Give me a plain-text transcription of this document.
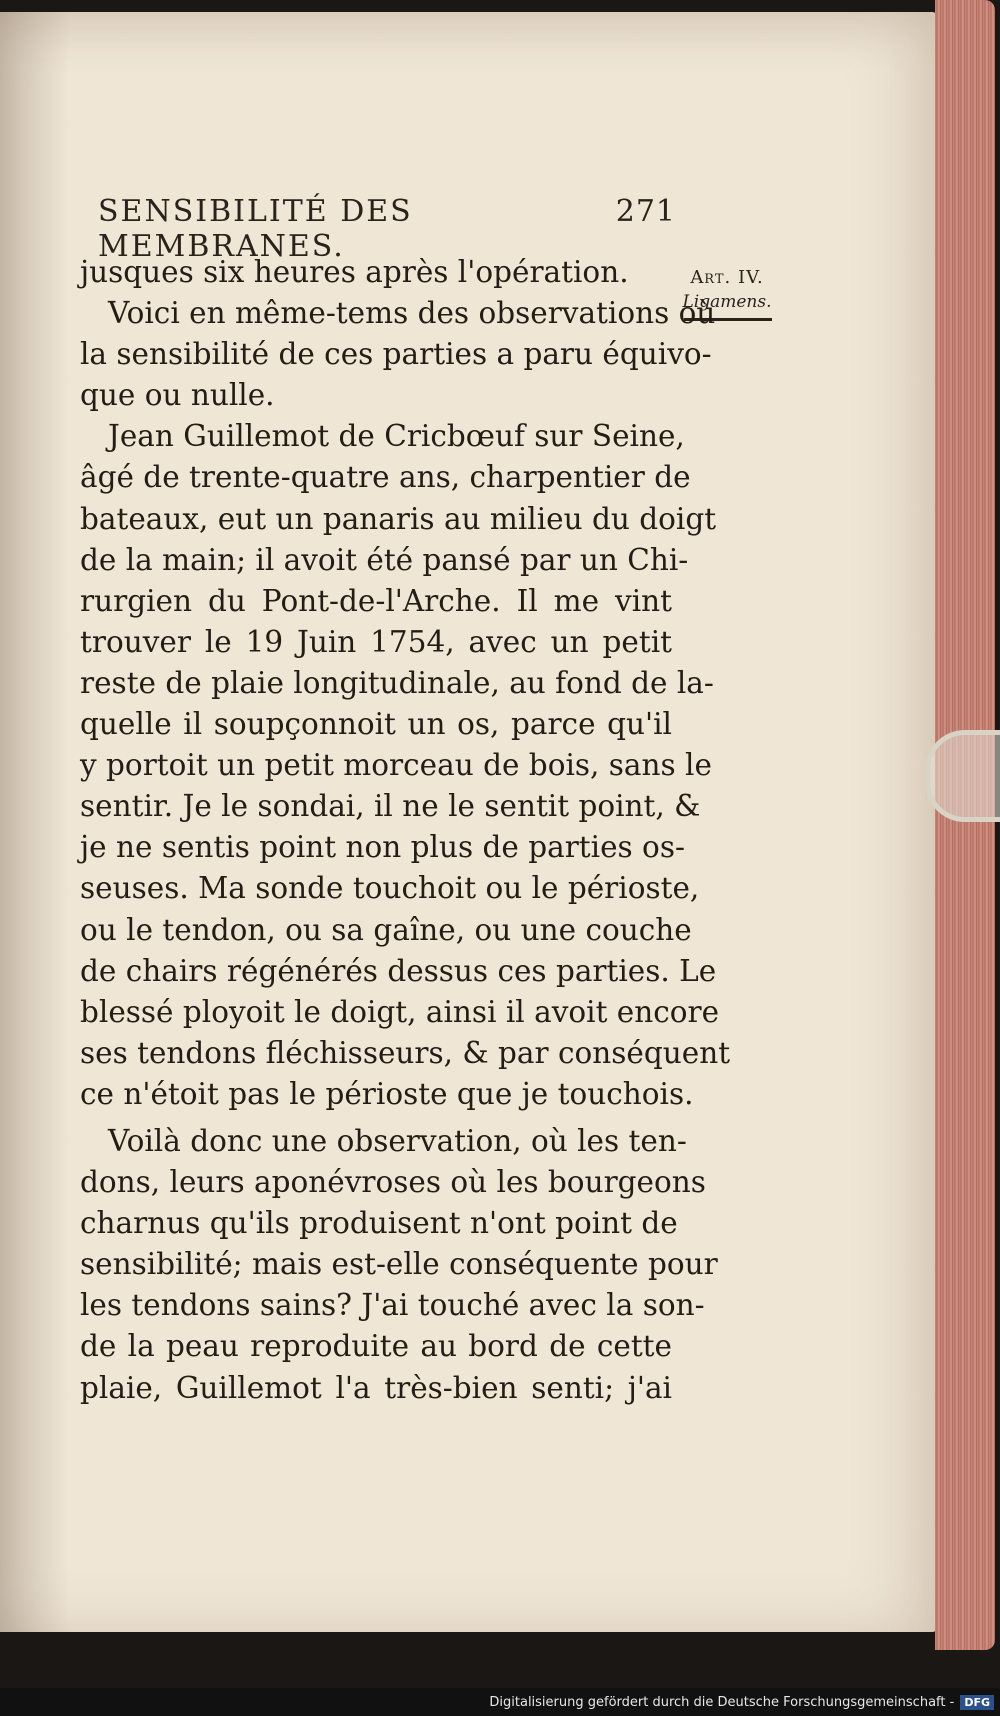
SENSIBILITÉ DES MEMBRANES.
271
Art. IV.
Ligamens.
jusques six heures après l'opération.
Voici en même-tems des observations où
la sensibilité de ces parties a paru équivo-
que ou nulle.
Jean Guillemot de Cricbœuf sur Seine,
âgé de trente-quatre ans, charpentier de
bateaux, eut un panaris au milieu du doigt
de la main; il avoit été pansé par un Chi-
rurgien du Pont-de-l'Arche. Il me vint
trouver le 19 Juin 1754, avec un petit
reste de plaie longitudinale, au fond de la-
quelle il soupçonnoit un os, parce qu'il
y portoit un petit morceau de bois, sans le
sentir. Je le sondai, il ne le sentit point, &
je ne sentis point non plus de parties os-
seuses. Ma sonde touchoit ou le périoste,
ou le tendon, ou sa gaîne, ou une couche
de chairs régénérés dessus ces parties. Le
blessé ployoit le doigt, ainsi il avoit encore
ses tendons fléchisseurs, & par conséquent
ce n'étoit pas le périoste que je touchois.
Voilà donc une observation, où les ten-
dons, leurs aponévroses où les bourgeons
charnus qu'ils produisent n'ont point de
sensibilité; mais est-elle conséquente pour
les tendons sains? J'ai touché avec la son-
de la peau reproduite au bord de cette
plaie, Guillemot l'a très-bien senti; j'ai
Digitalisierung gefördert durch die Deutsche Forschungsgemeinschaft - DFG
